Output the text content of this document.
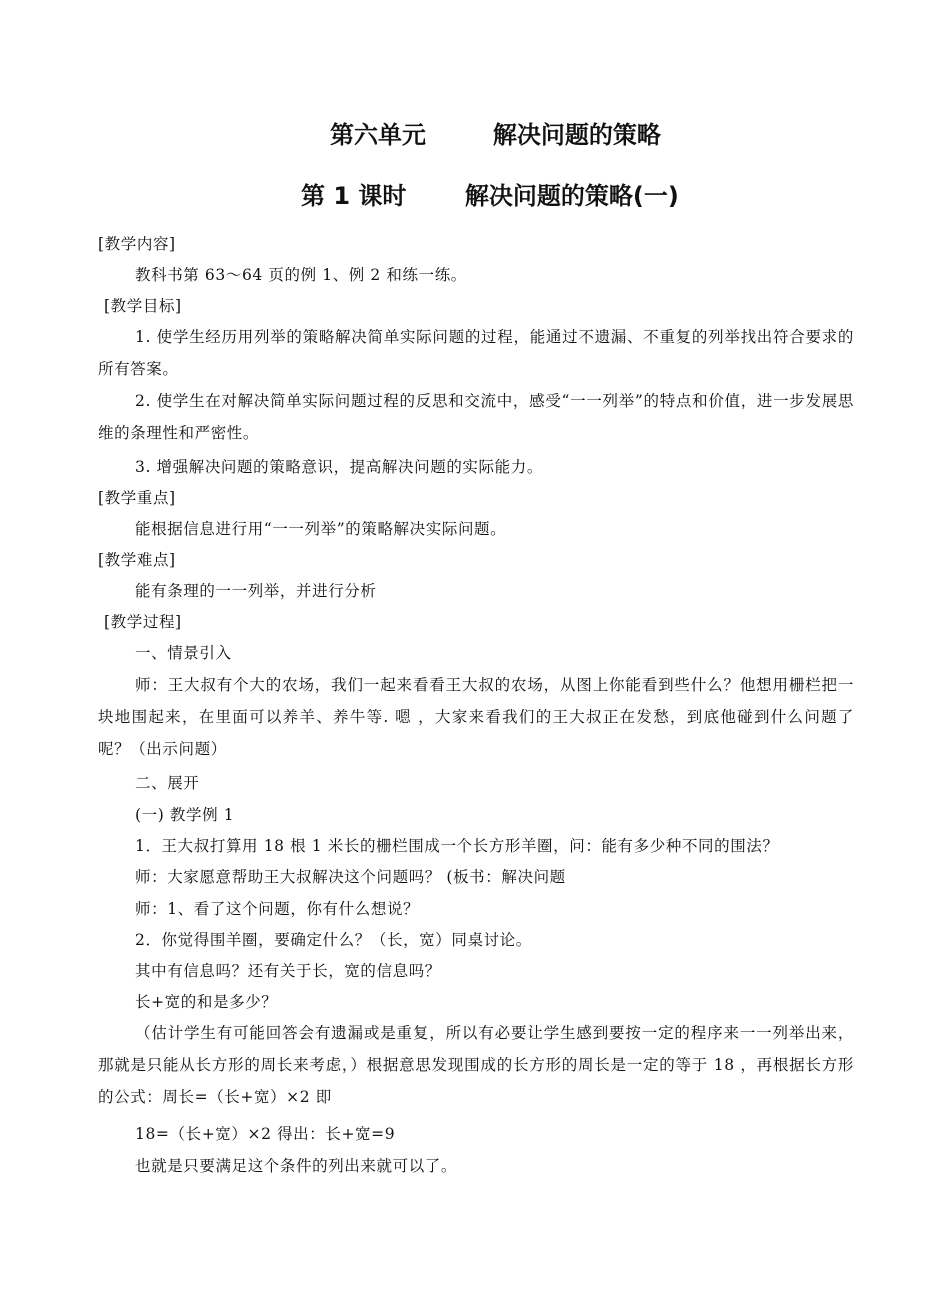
第六单元        解决问题的策略
第 1 课时       解决问题的策略(一)
[教学内容]
教科书第 63～64 页的例 1、例 2 和练一练。
[教学目标]
1. 使学生经历用列举的策略解决简单实际问题的过程，能通过不遗漏、不重复的列举找出符合要求的所有答案。
2. 使学生在对解决简单实际问题过程的反思和交流中，感受“一一列举”的特点和价值，进一步发展思维的条理性和严密性。
3. 增强解决问题的策略意识，提高解决问题的实际能力。
[教学重点]
能根据信息进行用“一一列举”的策略解决实际问题。
[教学难点]
能有条理的一一列举，并进行分析
[教学过程]
一、情景引入
师：王大叔有个大的农场，我们一起来看看王大叔的农场，从图上你能看到些什么？他想用栅栏把一块地围起来，在里面可以养羊、养牛等. 嗯 ，大家来看我们的王大叔正在发愁，到底他碰到什么问题了呢？（出示问题）
二、展开
(一) 教学例 1
1．王大叔打算用 18 根 1 米长的栅栏围成一个长方形羊圈，问：能有多少种不同的围法？
师：大家愿意帮助王大叔解决这个问题吗？ (板书：解决问题
师：1、看了这个问题，你有什么想说？
2．你觉得围羊圈，要确定什么？（长，宽）同桌讨论。
其中有信息吗？还有关于长，宽的信息吗？
长+宽的和是多少？
（估计学生有可能回答会有遗漏或是重复，所以有必要让学生感到要按一定的程序来一一列举出来，那就是只能从长方形的周长来考虑，）根据意思发现围成的长方形的周长是一定的等于 18 ，再根据长方形的公式：周长=（长+宽）×2 即
18=（长+宽）×2 得出：长+宽=9
也就是只要满足这个条件的列出来就可以了。
